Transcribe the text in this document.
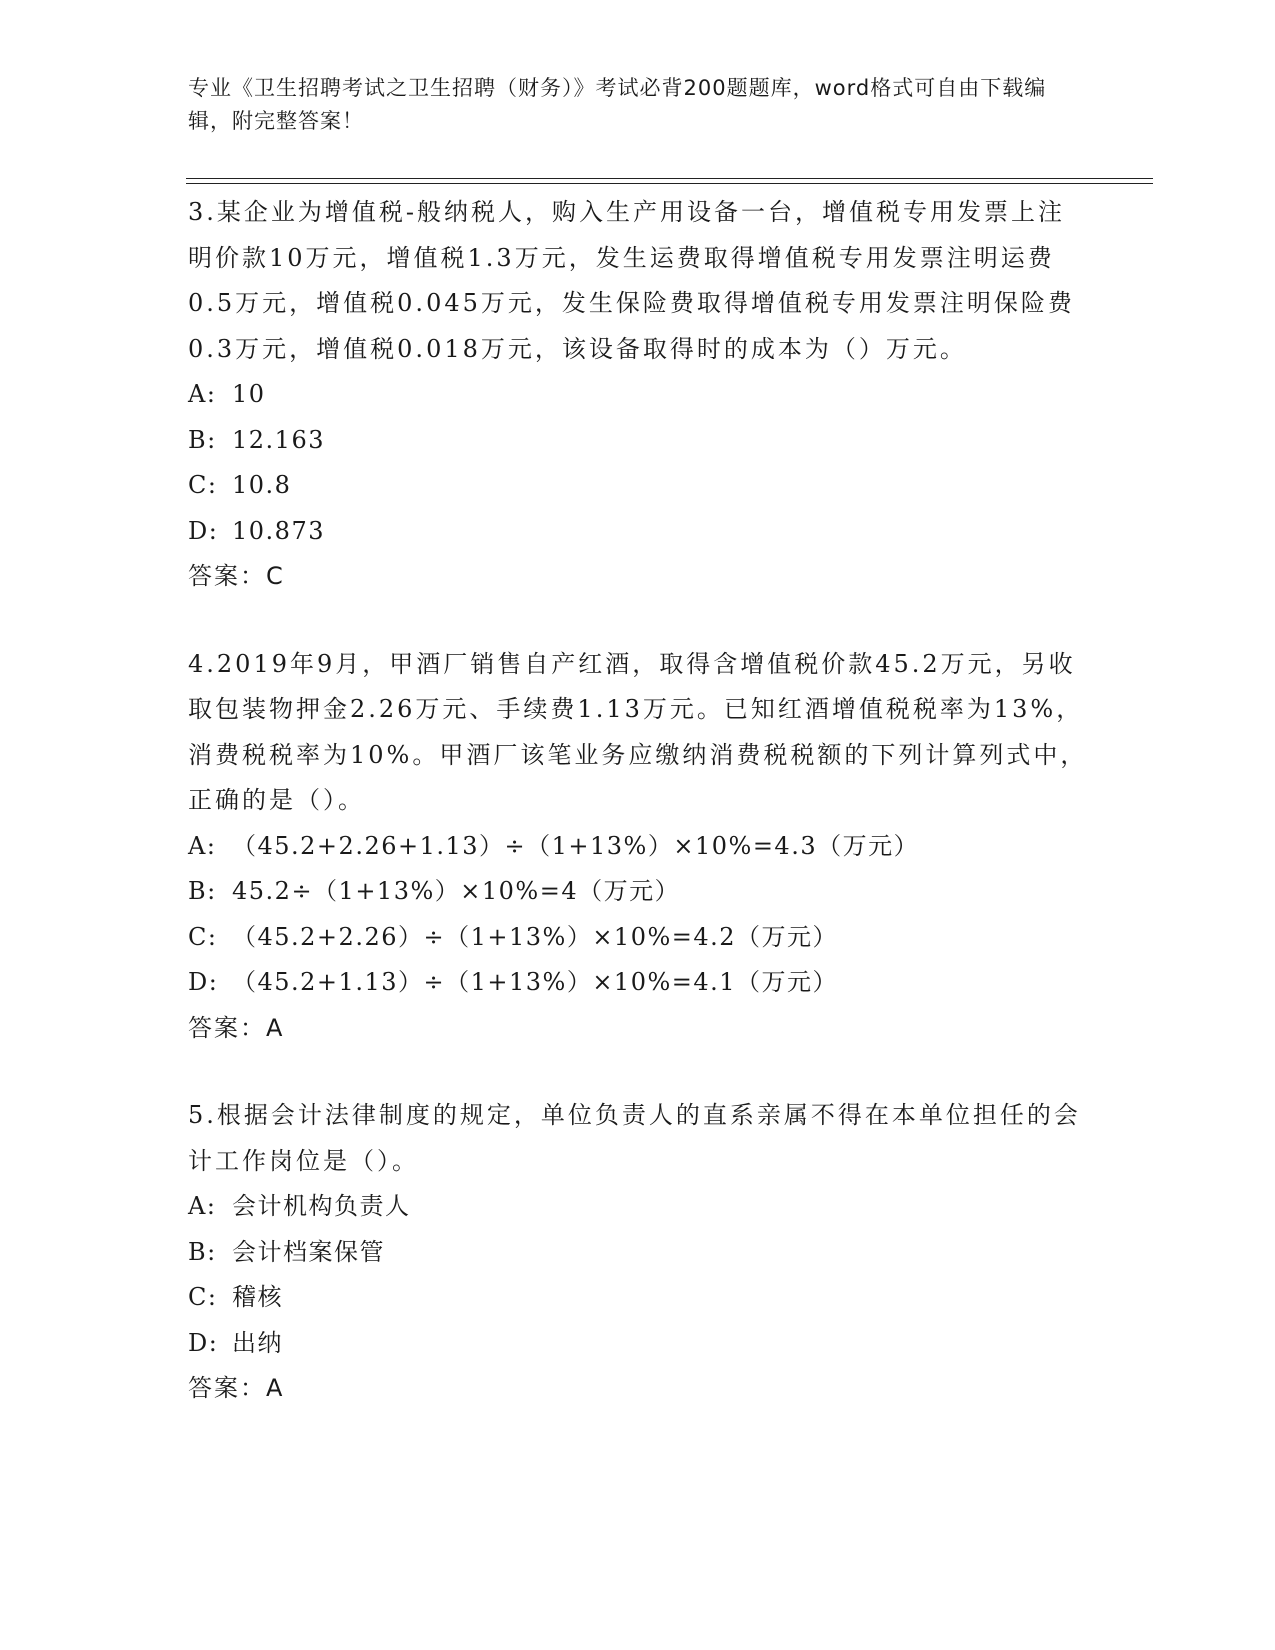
专业《卫生招聘考试之卫生招聘（财务）》考试必背200题题库，word格式可自由下载编辑，附完整答案！

3.某企业为增值税-般纳税人，购入生产用设备一台，增值税专用发票上注明价款10万元，增值税1.3万元，发生运费取得增值税专用发票注明运费0.5万元，增值税0.045万元，发生保险费取得增值税专用发票注明保险费0.3万元，增值税0.018万元，该设备取得时的成本为（）万元。

A: 10

B: 12.163

C: 10.8

D: 10.873

答案：C

4.2019年9月，甲酒厂销售自产红酒，取得含增值税价款45.2万元，另收取包装物押金2.26万元、手续费1.13万元。已知红酒增值税税率为13%，消费税税率为10%。甲酒厂该笔业务应缴纳消费税税额的下列计算列式中，正确的是（）。

A: （45.2+2.26+1.13）÷（1+13%）×10%=4.3（万元）

B: 45.2÷（1+13%）×10%=4（万元）

C: （45.2+2.26）÷（1+13%）×10%=4.2（万元）

D: （45.2+1.13）÷（1+13%）×10%=4.1（万元）

答案：A

5.根据会计法律制度的规定，单位负责人的直系亲属不得在本单位担任的会计工作岗位是（）。

A: 会计机构负责人

B: 会计档案保管

C: 稽核

D: 出纳

答案：A
